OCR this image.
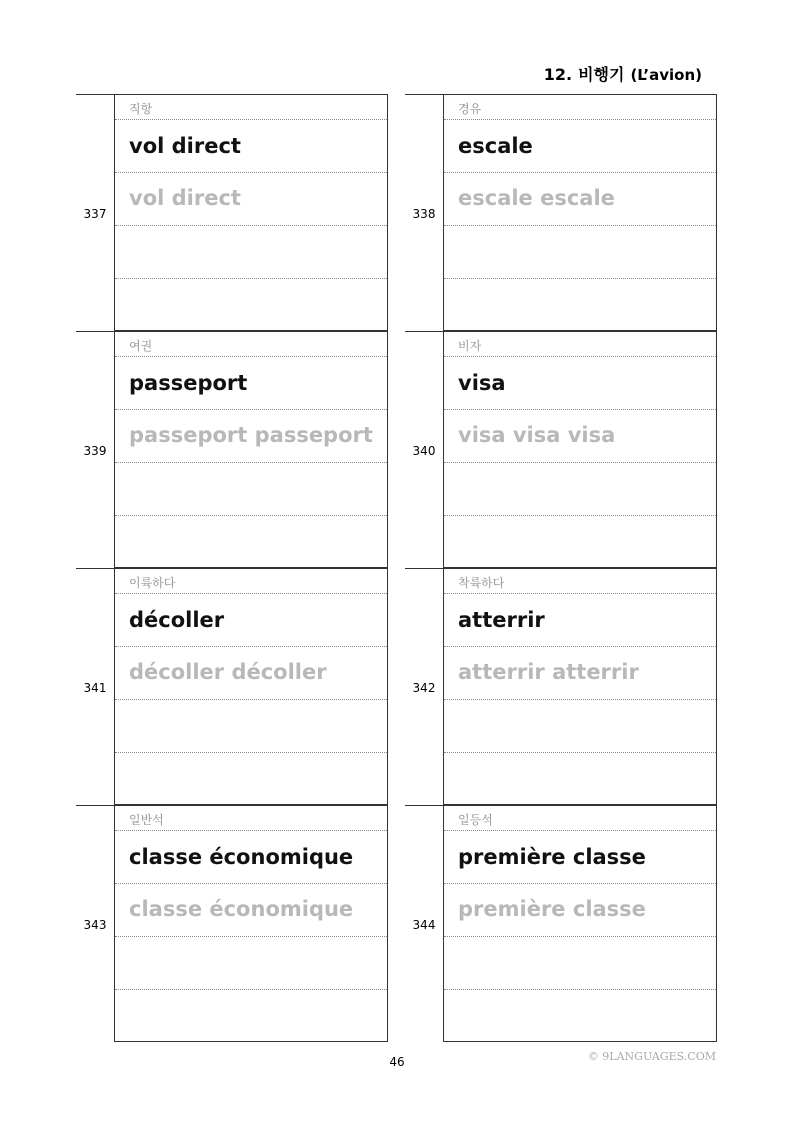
12. 비행기 (L’avion)
337
직항
vol direct
vol direct
338
경유
escale
escale escale
339
여권
passeport
passeport passeport
340
비자
visa
visa visa visa
341
이륙하다
décoller
décoller décoller
342
착륙하다
atterrir
atterrir atterrir
343
일반석
classe économique
classe économique
344
일등석
première classe
première classe
46	© 9LANGUAGES.COM
